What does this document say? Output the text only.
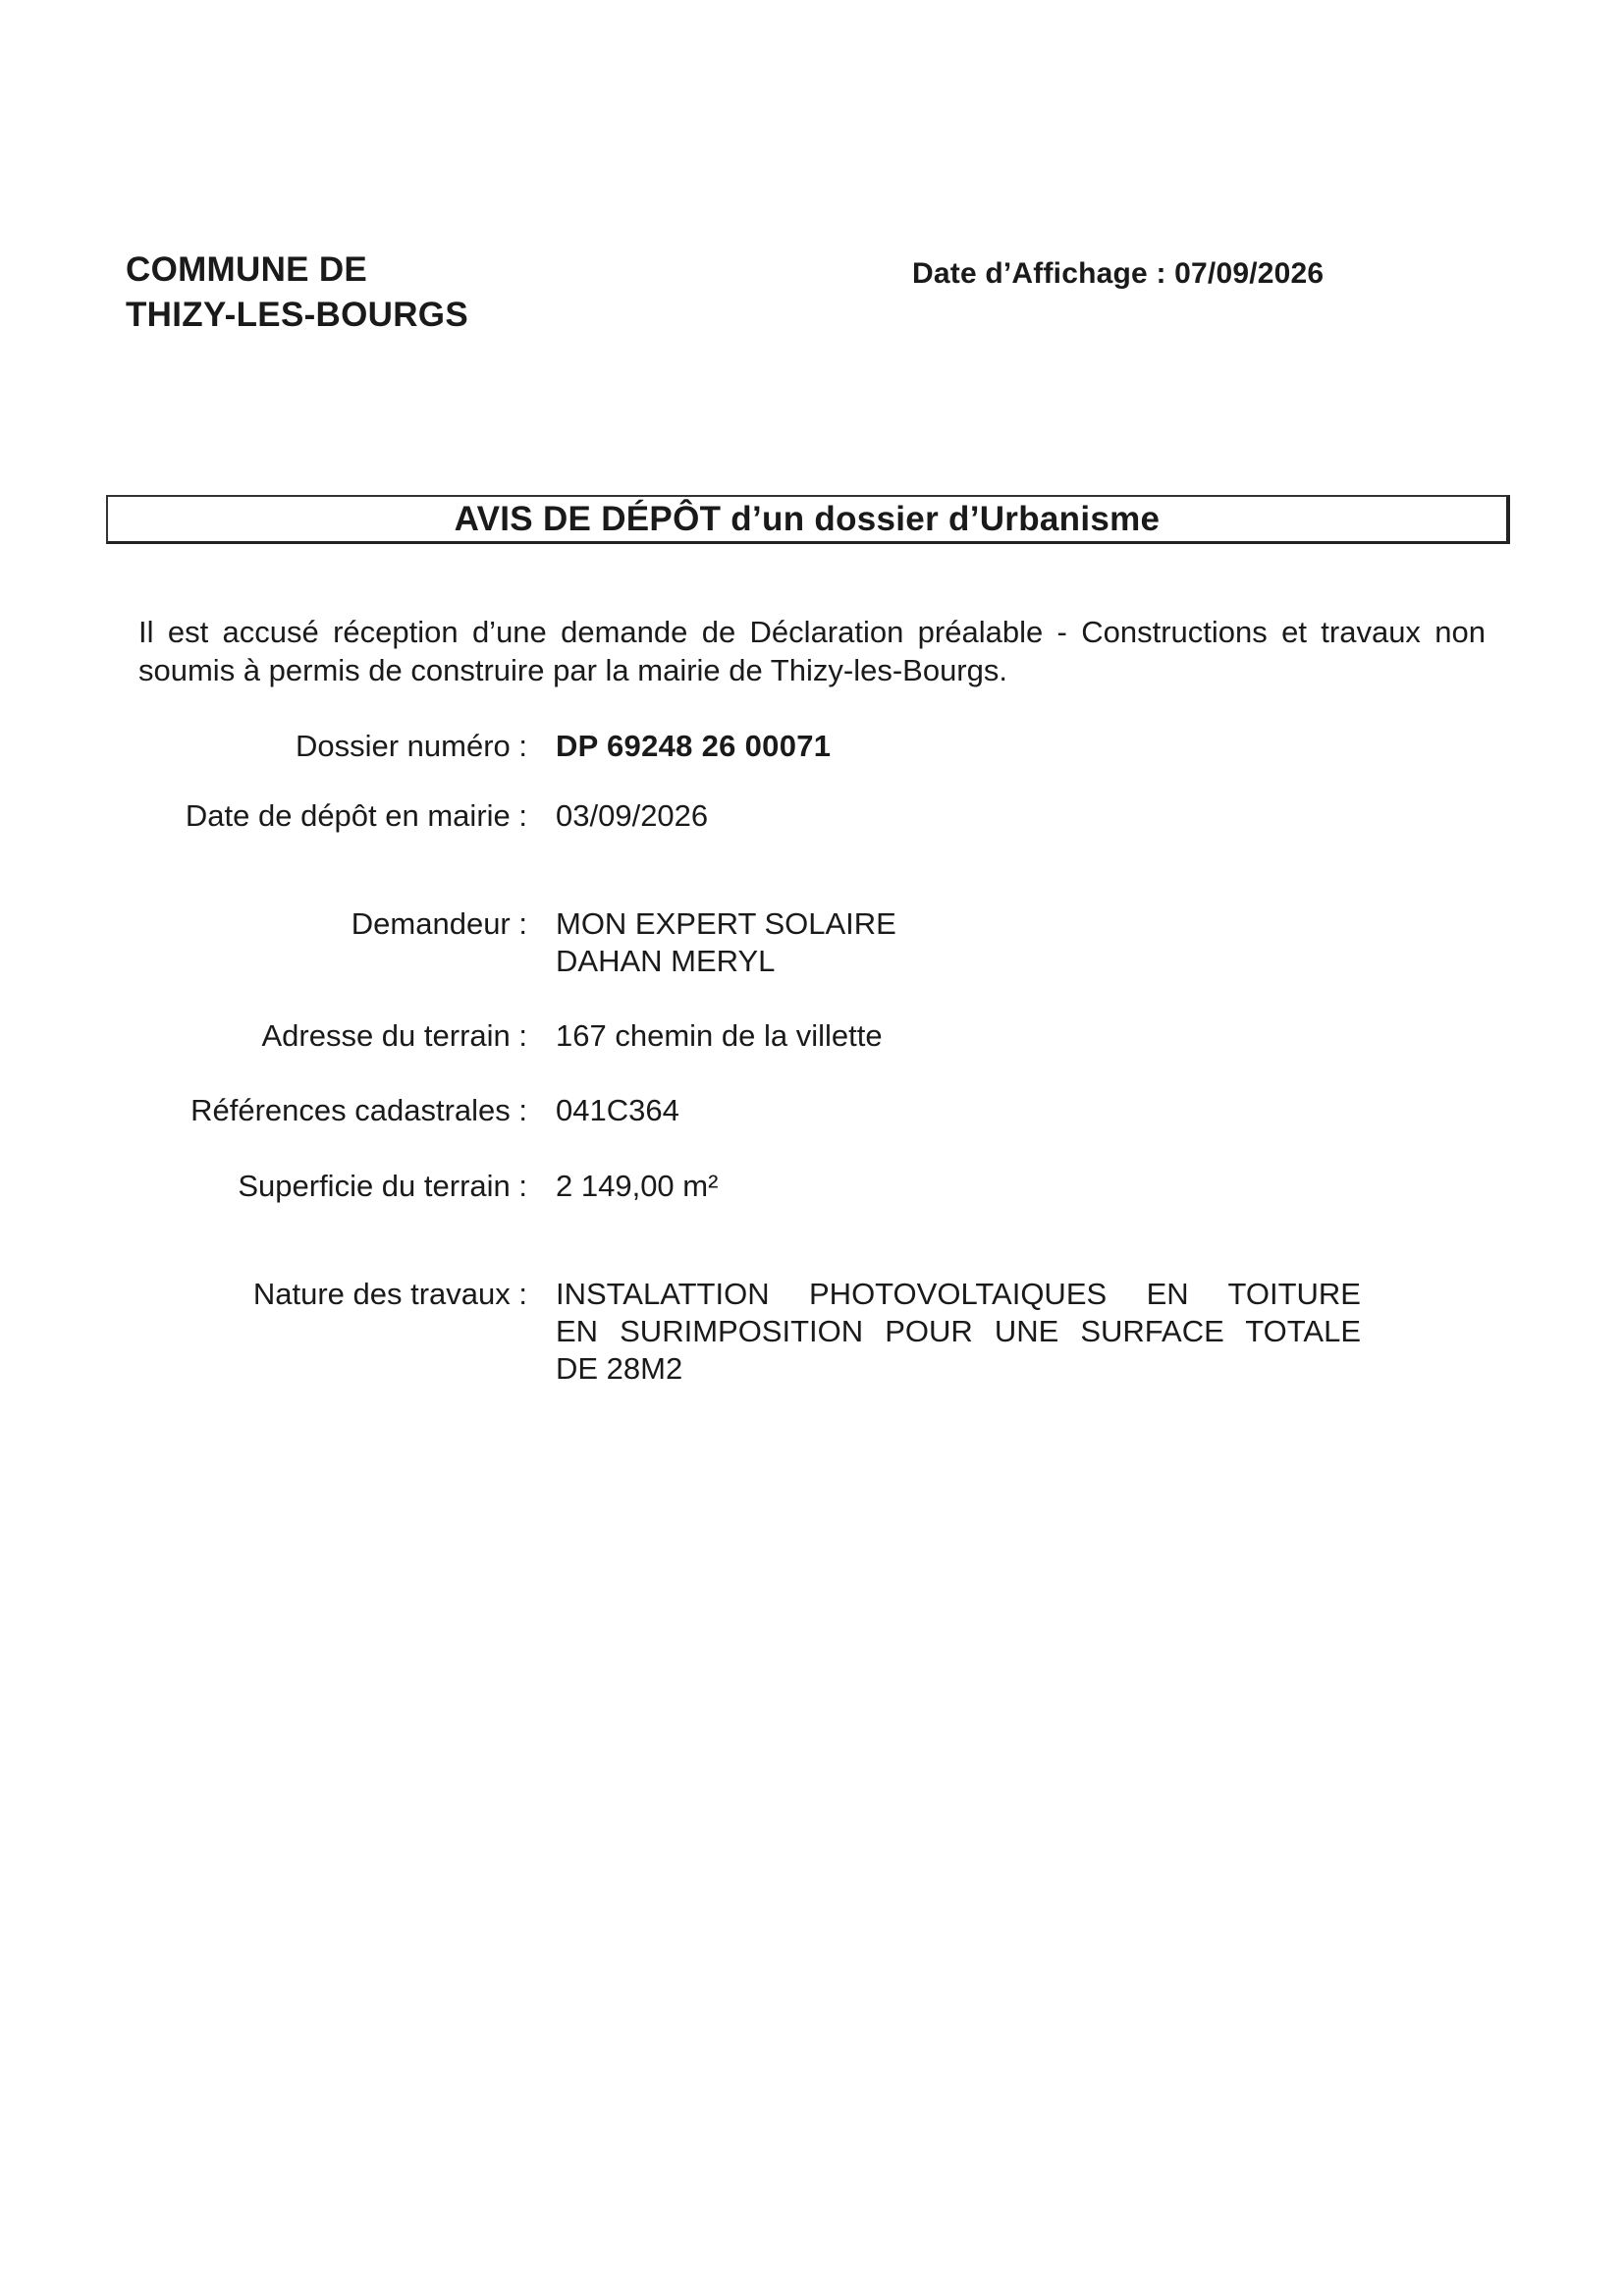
COMMUNE DE
THIZY-LES-BOURGS
Date d’Affichage : 07/09/2026
AVIS DE DÉPÔT d’un dossier d’Urbanisme
Il est accusé réception d’une demande de Déclaration préalable - Constructions et travaux non soumis à permis de construire par la mairie de Thizy-les-Bourgs.
Dossier numéro : DP 69248 26 00071
Date de dépôt en mairie : 03/09/2026
Demandeur : MON EXPERT SOLAIRE
DAHAN MERYL
Adresse du terrain : 167 chemin de la villette
Références cadastrales : 041C364
Superficie du terrain : 2 149,00 m²
Nature des travaux : INSTALATTION PHOTOVOLTAIQUES EN TOITURE
EN SURIMPOSITION POUR UNE SURFACE TOTALE
DE 28M2
